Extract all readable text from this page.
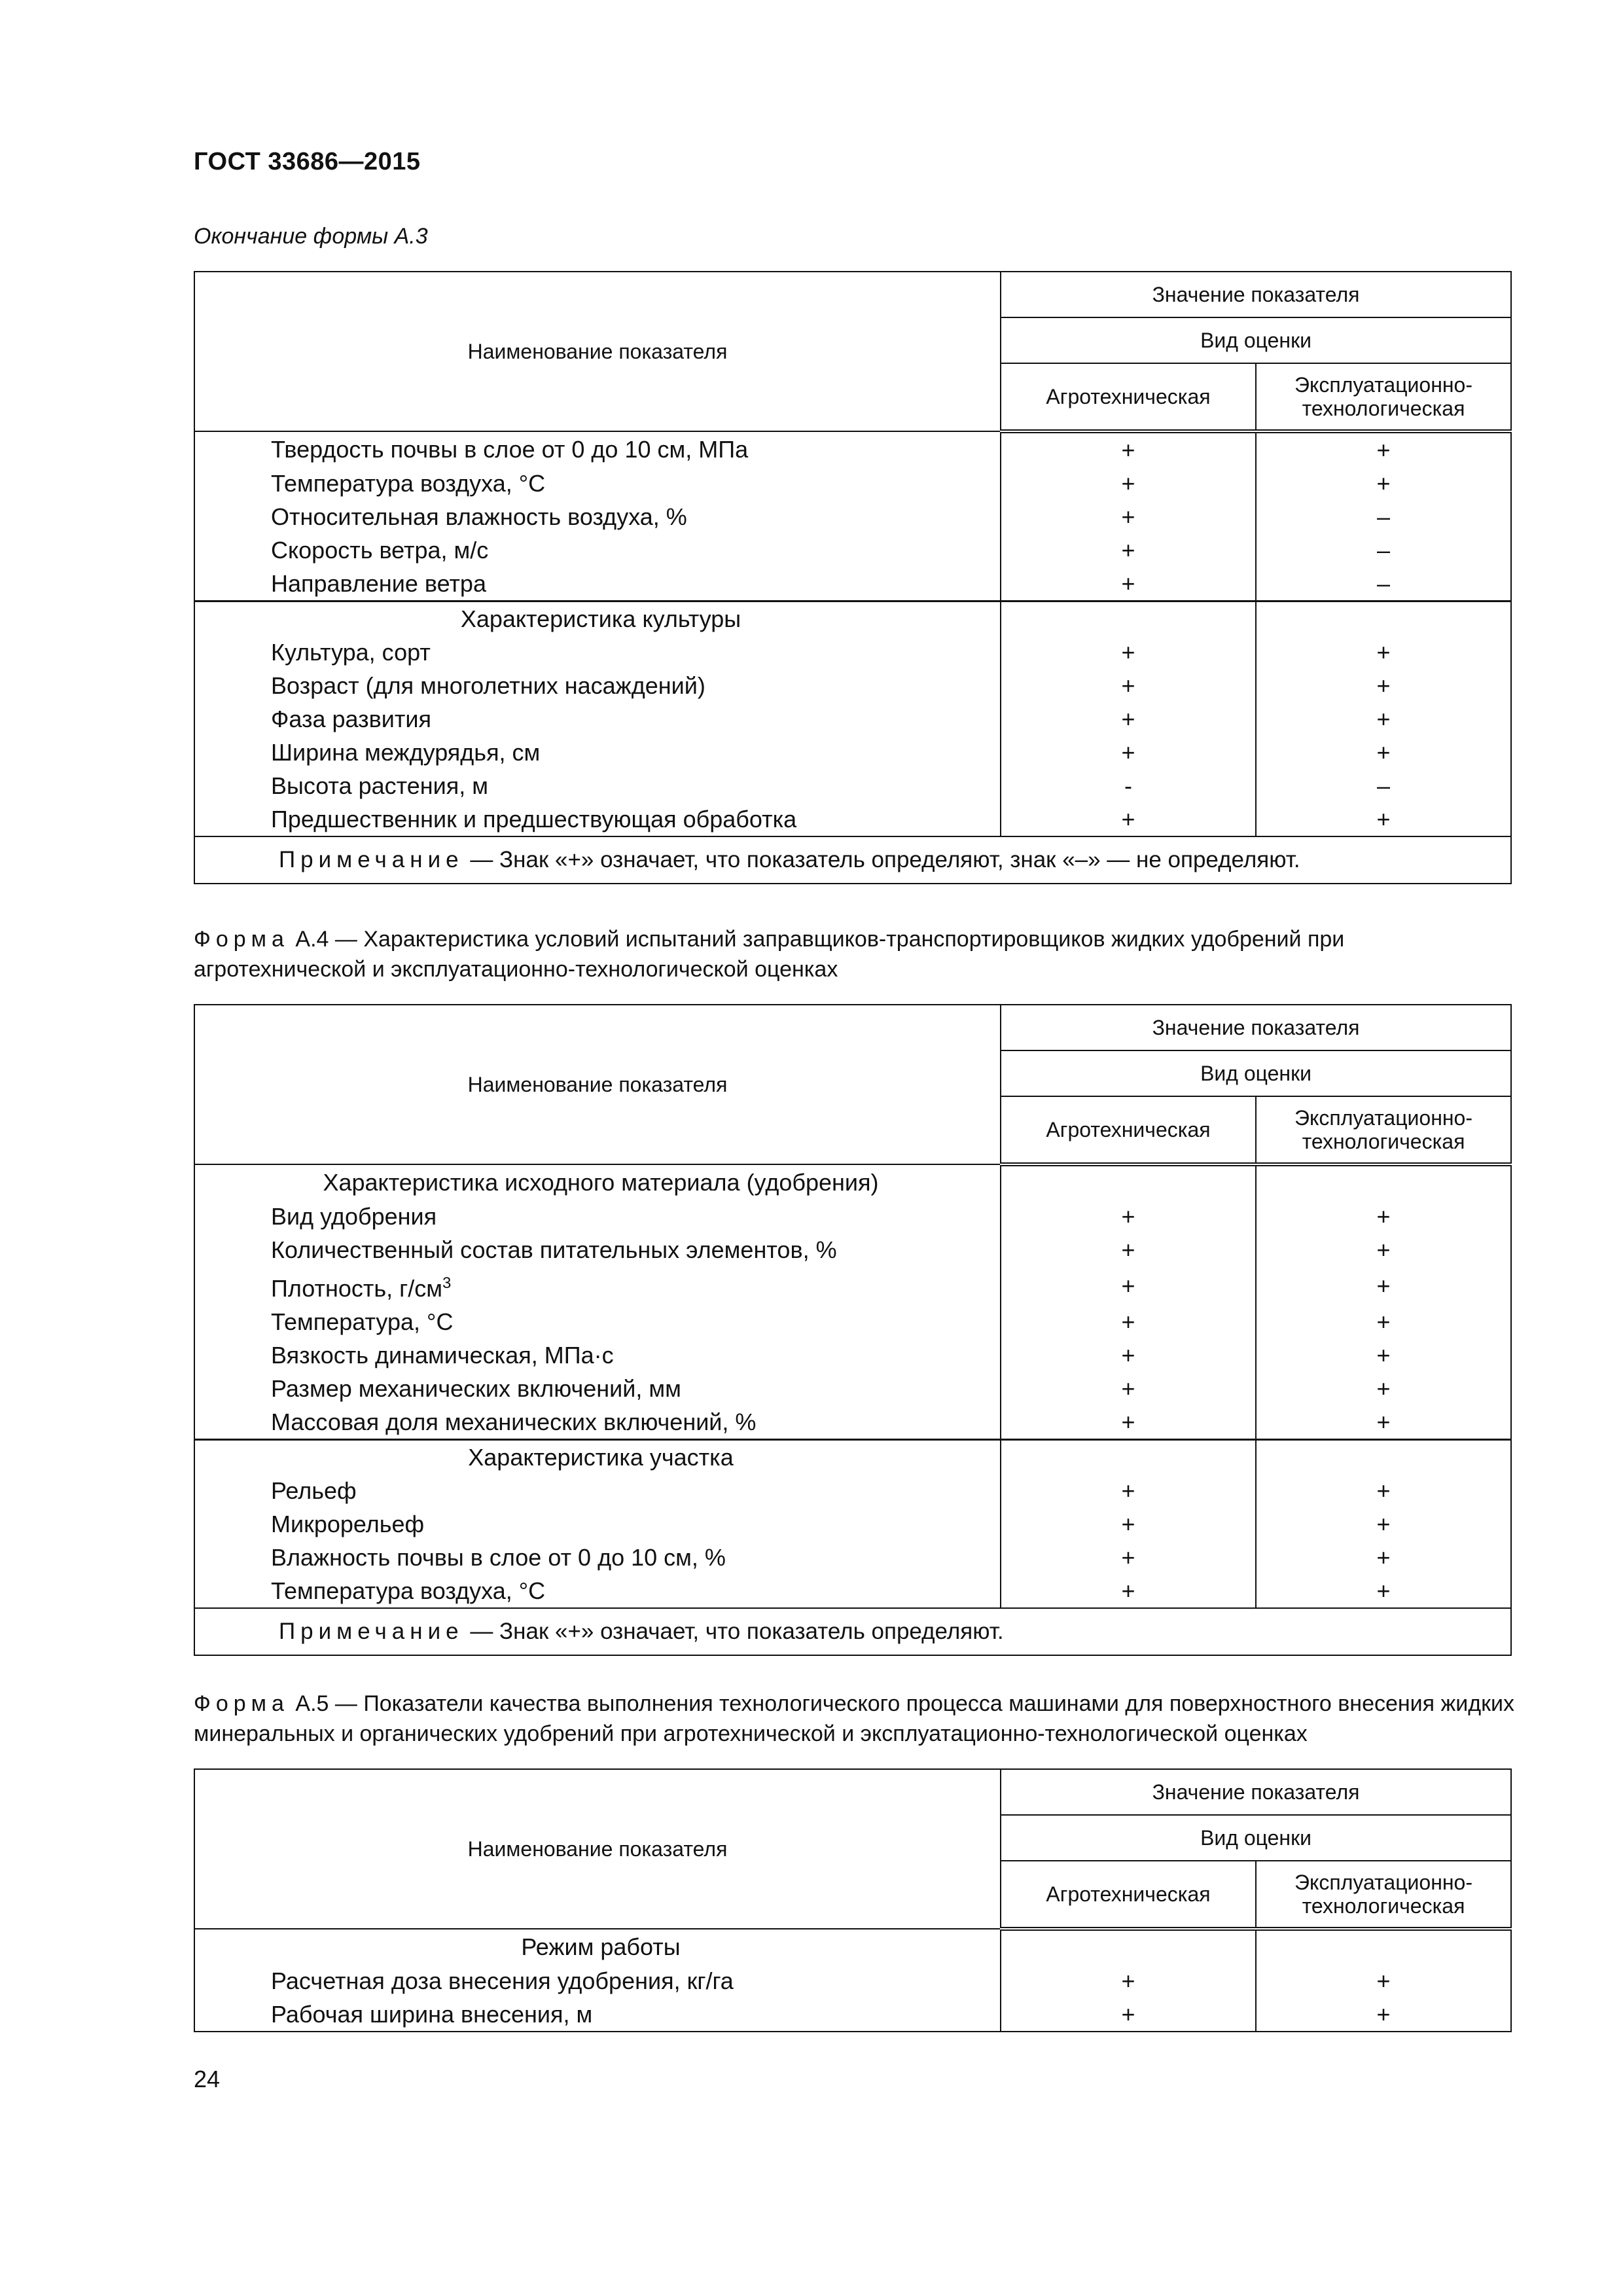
ГОСТ 33686—2015
Окончание формы А.3
Наименование показателя	Значение показателя	
	Вид оценки	
	Агротехническая	Эксплуатационно-
технологическая
Твердость почвы в слое от 0 до 10 см, МПа	+	+
Температура воздуха, °С	+	+
Относительная влажность воздуха, %	+	–
Скорость ветра, м/с	+	–
Направление ветра	+	–
Характеристика культуры		
Культура, сорт	+	+
Возраст (для многолетних насаждений)	+	+
Фаза развития	+	+
Ширина междурядья, см	+	+
Высота растения, м	-	–
Предшественник и предшествующая обработка	+	+
Примечание — Знак «+» означает, что показатель определяют, знак «–» — не определяют.		
Форма А.4 — Характеристика условий испытаний заправщиков-транспортировщиков жидких удобрений при агротехнической и эксплуатационно-технологической оценках
Наименование показателя	Значение показателя	
	Вид оценки	
	Агротехническая	Эксплуатационно-
технологическая
Характеристика исходного материала (удобрения)		
Вид удобрения	+	+
Количественный состав питательных элементов, %	+	+
Плотность, $г/см^3$	+	+
Температура, °С	+	+
Вязкость динамическая, МПа·с	+	+
Размер механических включений, мм	+	+
Массовая доля механических включений, %	+	+
Характеристика участка		
Рельеф	+	+
Микрорельеф	+	+
Влажность почвы в слое от 0 до 10 см, %	+	+
Температура воздуха, °С	+	+
Примечание — Знак «+» означает, что показатель определяют.		
Форма А.5 — Показатели качества выполнения технологического процесса машинами для поверхностного внесения жидких минеральных и органических удобрений при агротехнической и эксплуатационно-технологической оценках
Наименование показателя	Значение показателя	
	Вид оценки	
	Агротехническая	Эксплуатационно-
технологическая
Режим работы		
Расчетная доза внесения удобрения, кг/га	+	+
Рабочая ширина внесения, м	+	+
24
